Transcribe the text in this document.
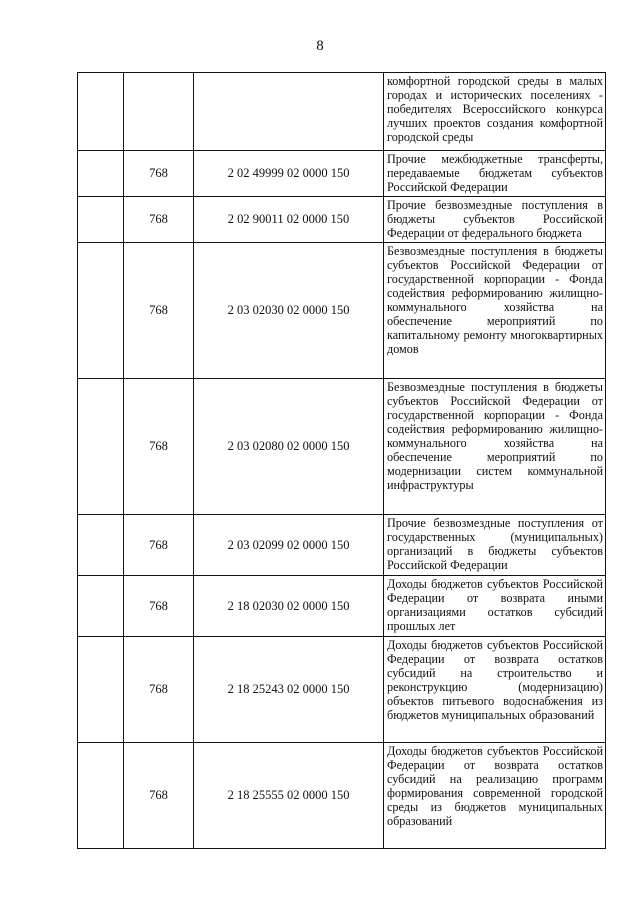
8

			комфортной городской среды в малых городах и исторических поселениях - победителях Всероссийского конкурса лучших проектов создания комфортной городской среды

	768	2 02 49999 02 0000 150	Прочие межбюджетные трансферты, передаваемые бюджетам субъектов Российской Федерации

	768	2 02 90011 02 0000 150	Прочие безвозмездные поступления в бюджеты субъектов Российской Федерации от федерального бюджета

	768	2 03 02030 02 0000 150	Безвозмездные поступления в бюджеты субъектов Российской Федерации от государственной корпорации - Фонда содействия реформированию жилищно-коммунального хозяйства на обеспечение мероприятий по капитальному ремонту многоквартирных домов

	768	2 03 02080 02 0000 150	Безвозмездные поступления в бюджеты субъектов Российской Федерации от государственной корпорации - Фонда содействия реформированию жилищно-коммунального хозяйства на обеспечение мероприятий по модернизации систем коммунальной инфраструктуры

	768	2 03 02099 02 0000 150	Прочие безвозмездные поступления от государственных (муниципальных) организаций в бюджеты субъектов Российской Федерации

	768	2 18 02030 02 0000 150	Доходы бюджетов субъектов Российской Федерации от возврата иными организациями остатков субсидий прошлых лет

	768	2 18 25243 02 0000 150	Доходы бюджетов субъектов Российской Федерации от возврата остатков субсидий на строительство и реконструкцию (модернизацию) объектов питьевого водоснабжения из бюджетов муниципальных образований

	768	2 18 25555 02 0000 150	Доходы бюджетов субъектов Российской Федерации от возврата остатков субсидий на реализацию программ формирования современной городской среды из бюджетов муниципальных образований
